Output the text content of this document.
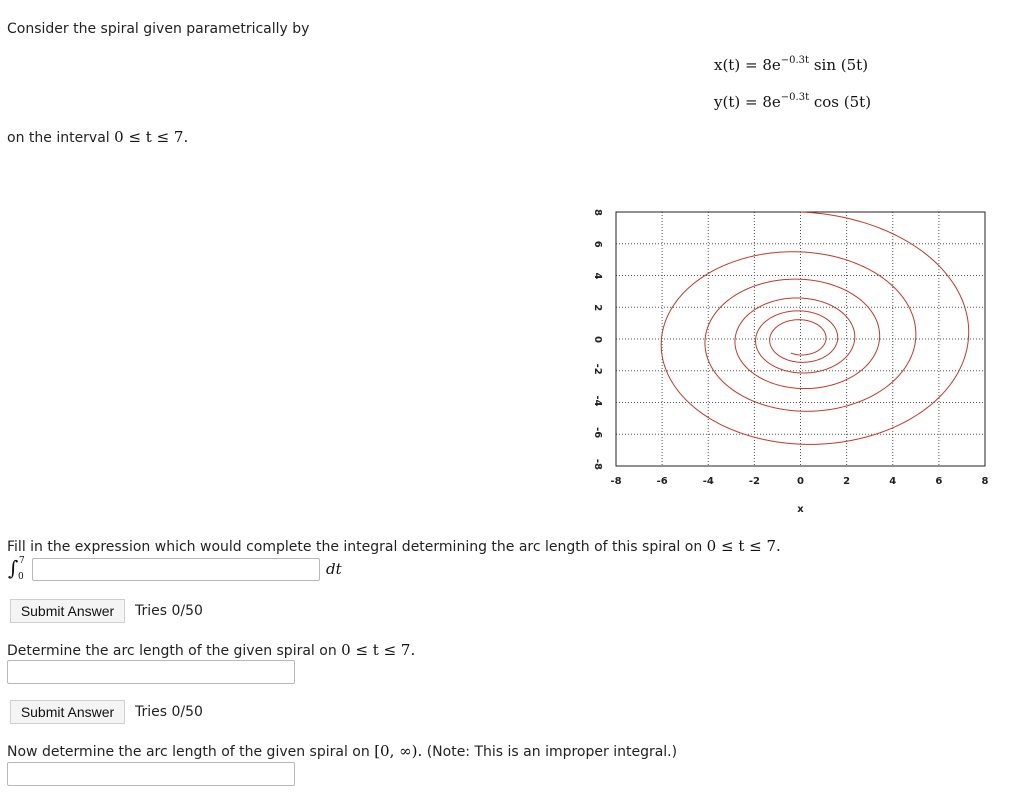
Consider the spiral given parametrically by
$x(t) = 8e^{-0.3t}$ sin (5t)
$y(t) = 8e^{-0.3t}$ cos (5t)
on the interval 0 ≤ t ≤ 7.
-8	-6	-4	-2	0	2	4	6	8
8
6
4
2
0
-2
-4
-6
-8
x
Fill in the expression which would complete the integral determining the arc length of this spiral on 0 ≤ t ≤ 7.
∫ 7
0	dt
Submit Answer	Tries 0/50
Determine the arc length of the given spiral on 0 ≤ t ≤ 7.
Submit Answer	Tries 0/50
Now determine the arc length of the given spiral on [0, ∞). (Note: This is an improper integral.)
